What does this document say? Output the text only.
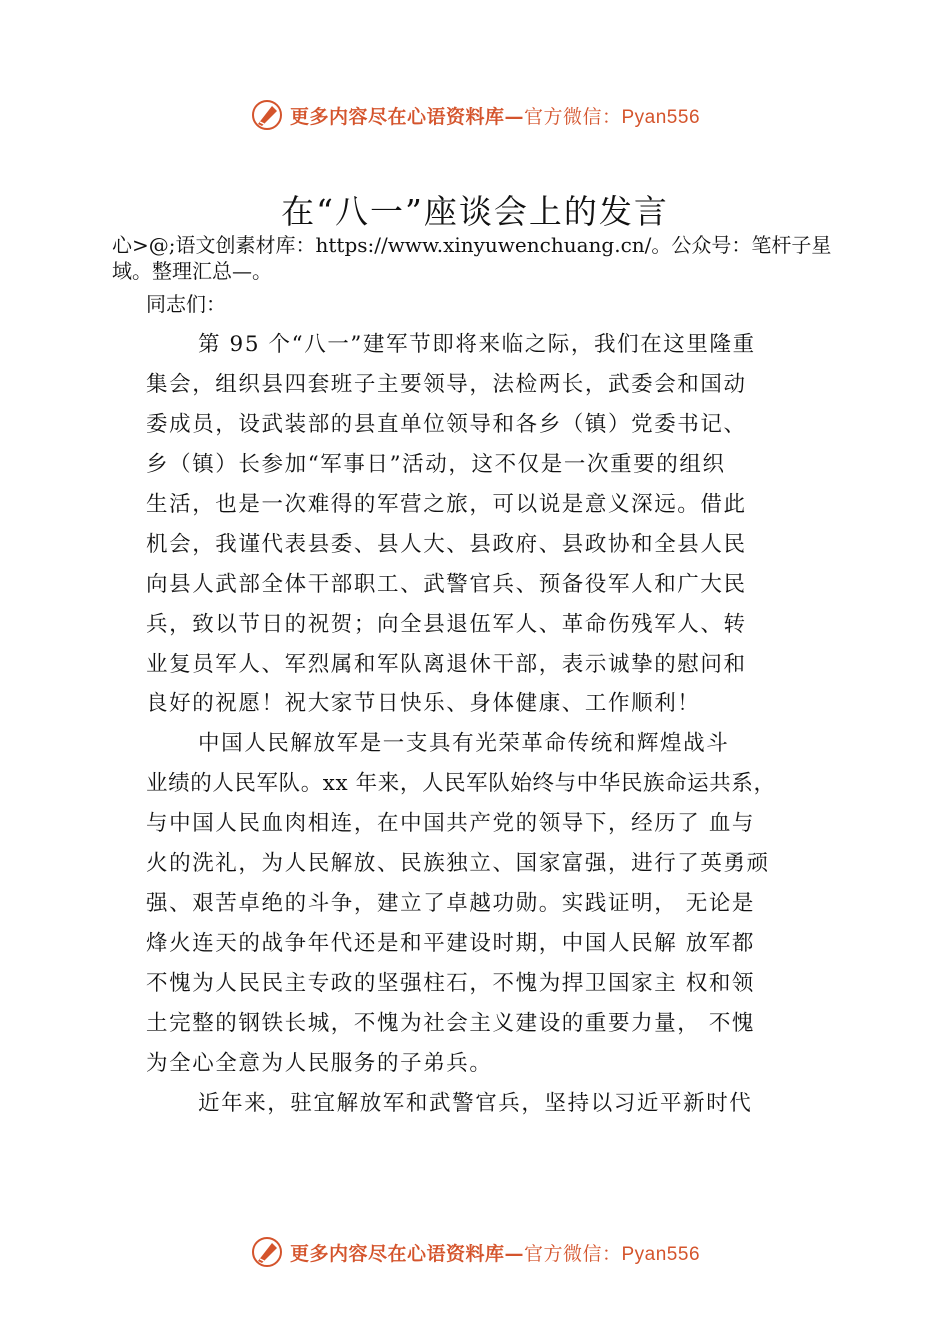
更多内容尽在心语资料库—官方微信：Pyan556
在“八一”座谈会上的发言

心>@;语文创素材库：https://www.xinyuwenchuang.cn/。公众号：笔杆子星域。整理汇总—。

同志们：

第 95 个“八一”建军节即将来临之际，我们在这里隆重

集会，组织县四套班子主要领导，法检两长，武委会和国动

委成员，设武装部的县直单位领导和各乡（镇）党委书记、

乡（镇）长参加“军事日”活动，这不仅是一次重要的组织

生活，也是一次难得的军营之旅，可以说是意义深远。借此

机会，我谨代表县委、县人大、县政府、县政协和全县人民

向县人武部全体干部职工、武警官兵、预备役军人和广大民

兵，致以节日的祝贺；向全县退伍军人、革命伤残军人、转

业复员军人、军烈属和军队离退休干部，表示诚挚的慰问和

良好的祝愿！祝大家节日快乐、身体健康、工作顺利！

中国人民解放军是一支具有光荣革命传统和辉煌战斗

业绩的人民军队。xx 年来，人民军队始终与中华民族命运共系，

与中国人民血肉相连，在中国共产党的领导下，经历了 血与

火的洗礼，为人民解放、民族独立、国家富强，进行了英勇顽

强、艰苦卓绝的斗争，建立了卓越功勋。实践证明， 无论是

烽火连天的战争年代还是和平建设时期，中国人民解 放军都

不愧为人民民主专政的坚强柱石，不愧为捍卫国家主 权和领

土完整的钢铁长城，不愧为社会主义建设的重要力量， 不愧

为全心全意为人民服务的子弟兵。

近年来，驻宜解放军和武警官兵，坚持以习近平新时代

更多内容尽在心语资料库—官方微信：Pyan556
